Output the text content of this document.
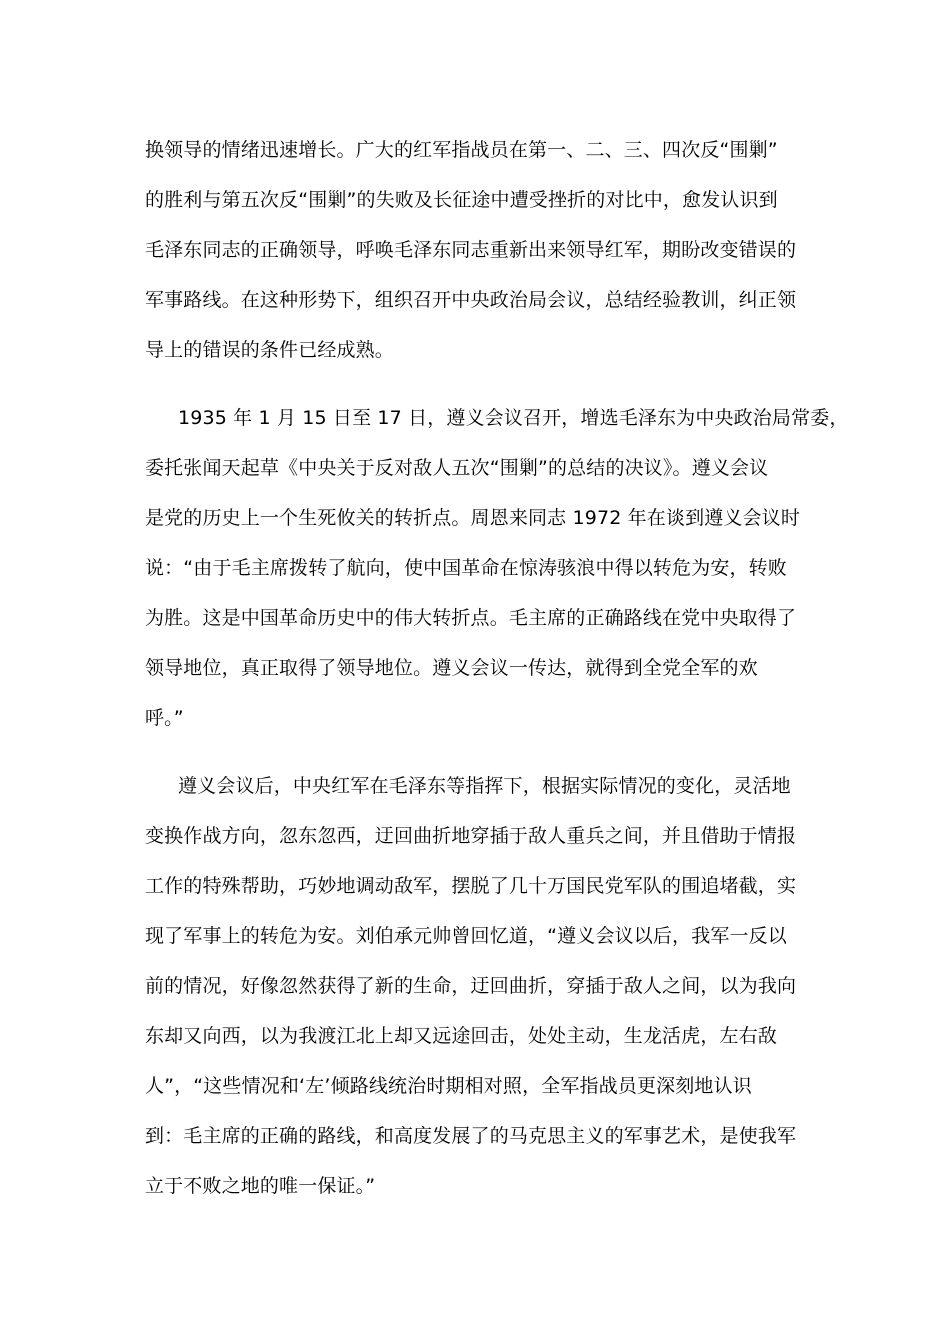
换领导的情绪迅速增长。广大的红军指战员在第一、二、三、四次反“围剿”
的胜利与第五次反“围剿”的失败及长征途中遭受挫折的对比中，愈发认识到
毛泽东同志的正确领导，呼唤毛泽东同志重新出来领导红军，期盼改变错误的
军事路线。在这种形势下，组织召开中央政治局会议，总结经验教训，纠正领
导上的错误的条件已经成熟。
1935 年 1 月 15 日至 17 日，遵义会议召开，增选毛泽东为中央政治局常委，
委托张闻天起草《中央关于反对敌人五次“围剿”的总结的决议》。遵义会议
是党的历史上一个生死攸关的转折点。周恩来同志 1972 年在谈到遵义会议时
说：“由于毛主席拨转了航向，使中国革命在惊涛骇浪中得以转危为安，转败
为胜。这是中国革命历史中的伟大转折点。毛主席的正确路线在党中央取得了
领导地位，真正取得了领导地位。遵义会议一传达，就得到全党全军的欢
呼。”
遵义会议后，中央红军在毛泽东等指挥下，根据实际情况的变化，灵活地
变换作战方向，忽东忽西，迂回曲折地穿插于敌人重兵之间，并且借助于情报
工作的特殊帮助，巧妙地调动敌军，摆脱了几十万国民党军队的围追堵截，实
现了军事上的转危为安。刘伯承元帅曾回忆道，“遵义会议以后，我军一反以
前的情况，好像忽然获得了新的生命，迂回曲折，穿插于敌人之间，以为我向
东却又向西，以为我渡江北上却又远途回击，处处主动，生龙活虎，左右敌
人”，“这些情况和‘左’倾路线统治时期相对照，全军指战员更深刻地认识
到：毛主席的正确的路线，和高度发展了的马克思主义的军事艺术，是使我军
立于不败之地的唯一保证。”
